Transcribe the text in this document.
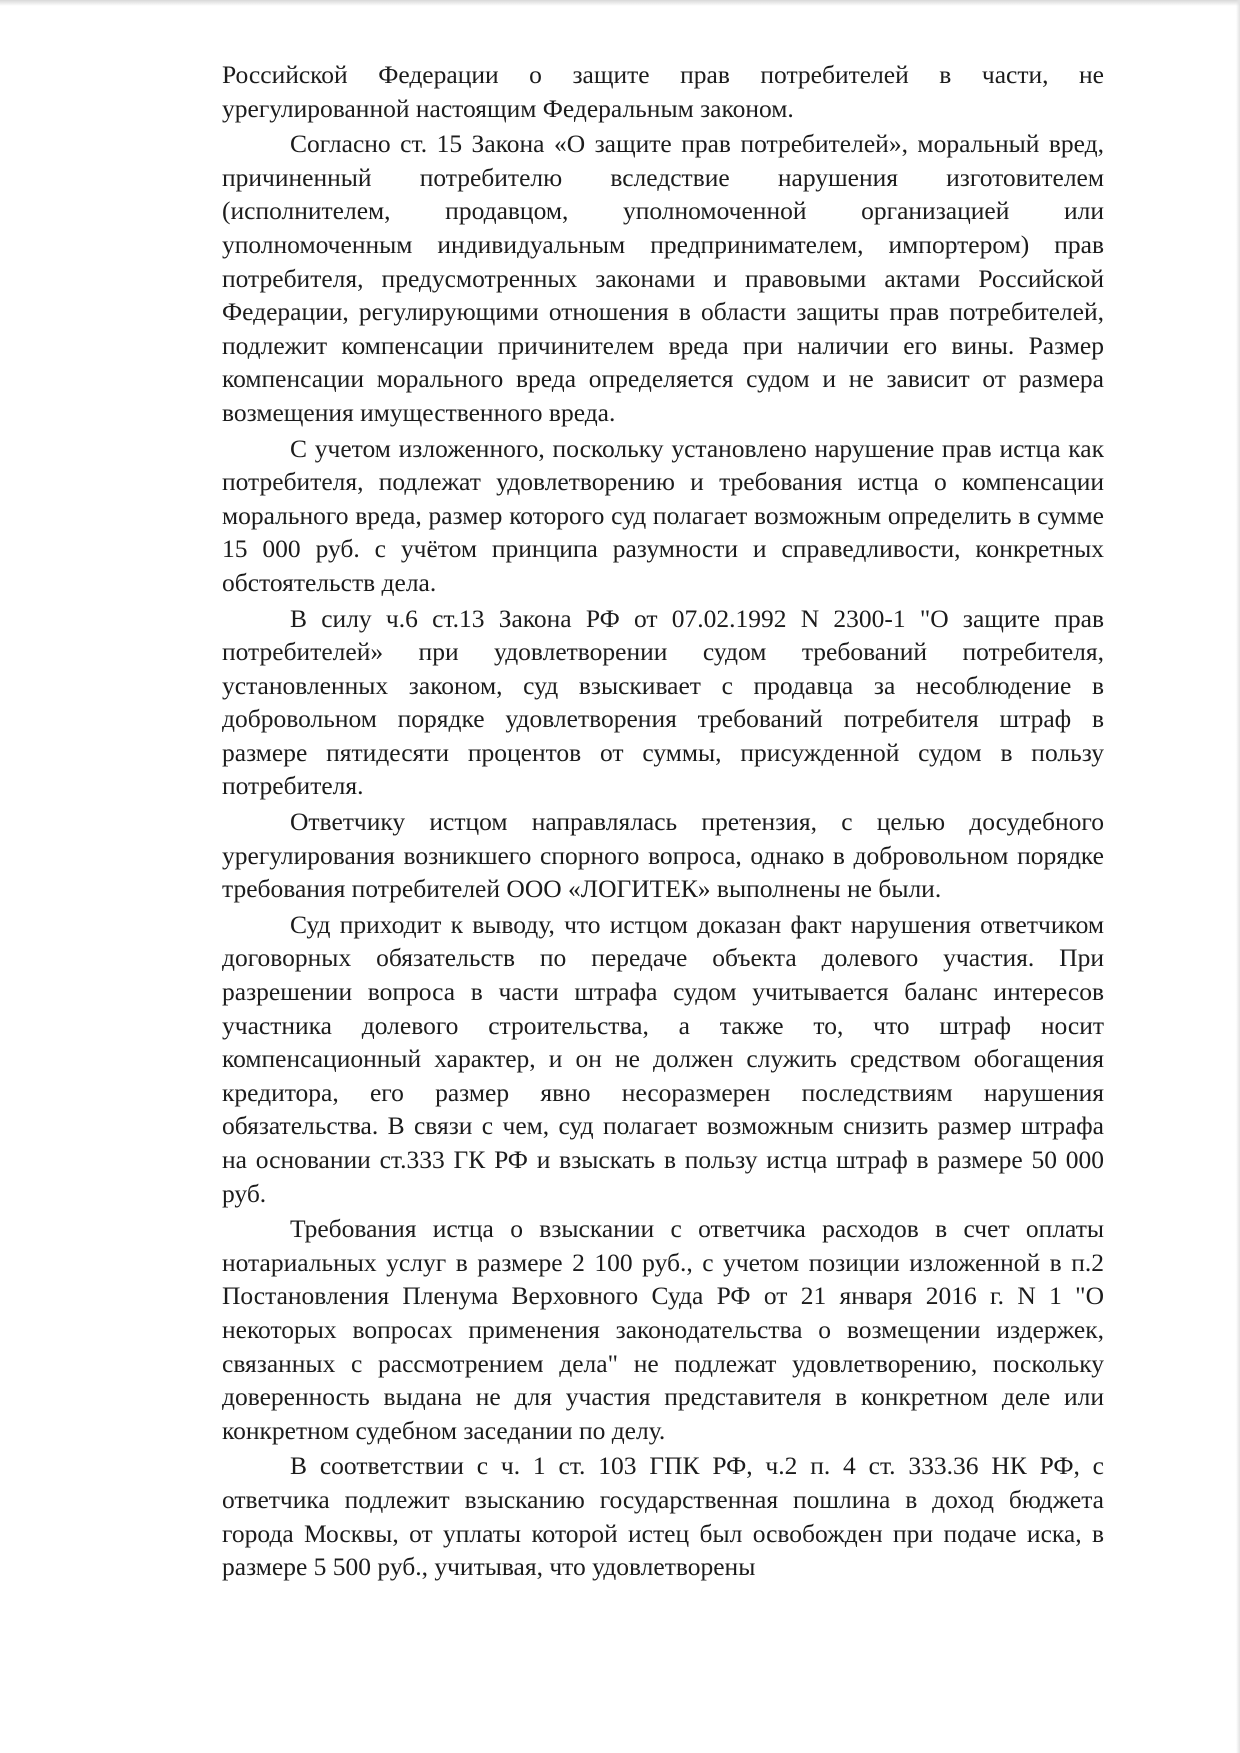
Российской Федерации о защите прав потребителей в части, не урегулированной настоящим Федеральным законом.

Согласно ст. 15 Закона «О защите прав потребителей», моральный вред, причиненный потребителю вследствие нарушения изготовителем (исполнителем, продавцом, уполномоченной организацией или уполномоченным индивидуальным предпринимателем, импортером) прав потребителя, предусмотренных законами и правовыми актами Российской Федерации, регулирующими отношения в области защиты прав потребителей, подлежит компенсации причинителем вреда при наличии его вины. Размер компенсации морального вреда определяется судом и не зависит от размера возмещения имущественного вреда.

С учетом изложенного, поскольку установлено нарушение прав истца как потребителя, подлежат удовлетворению и требования истца о компенсации морального вреда, размер которого суд полагает возможным определить в сумме 15 000 руб. с учётом принципа разумности и справедливости, конкретных обстоятельств дела.

В силу ч.6 ст.13 Закона РФ от 07.02.1992 N 2300-1 "О защите прав потребителей» при удовлетворении судом требований потребителя, установленных законом, суд взыскивает с продавца за несоблюдение в добровольном порядке удовлетворения требований потребителя штраф в размере пятидесяти процентов от суммы, присужденной судом в пользу потребителя.

Ответчику истцом направлялась претензия, с целью досудебного урегулирования возникшего спорного вопроса, однако в добровольном порядке требования потребителей ООО «ЛОГИТЕК» выполнены не были.

Суд приходит к выводу, что истцом доказан факт нарушения ответчиком договорных обязательств по передаче объекта долевого участия. При разрешении вопроса в части штрафа судом учитывается баланс интересов участника долевого строительства, а также то, что штраф носит компенсационный характер, и он не должен служить средством обогащения кредитора, его размер явно несоразмерен последствиям нарушения обязательства. В связи с чем, суд полагает возможным снизить размер штрафа на основании ст.333 ГК РФ и взыскать в пользу истца штраф в размере 50 000 руб.

Требования истца о взыскании с ответчика расходов в счет оплаты нотариальных услуг в размере 2 100 руб., с учетом позиции изложенной в п.2 Постановления Пленума Верховного Суда РФ от 21 января 2016 г. N 1 "О некоторых вопросах применения законодательства о возмещении издержек, связанных с рассмотрением дела" не подлежат удовлетворению, поскольку доверенность выдана не для участия представителя в конкретном деле или конкретном судебном заседании по делу.

В соответствии с ч. 1 ст. 103 ГПК РФ, ч.2 п. 4 ст. 333.36 НК РФ, с ответчика подлежит взысканию государственная пошлина в доход бюджета города Москвы, от уплаты которой истец был освобожден при подаче иска, в размере 5 500 руб., учитывая, что удовлетворены
